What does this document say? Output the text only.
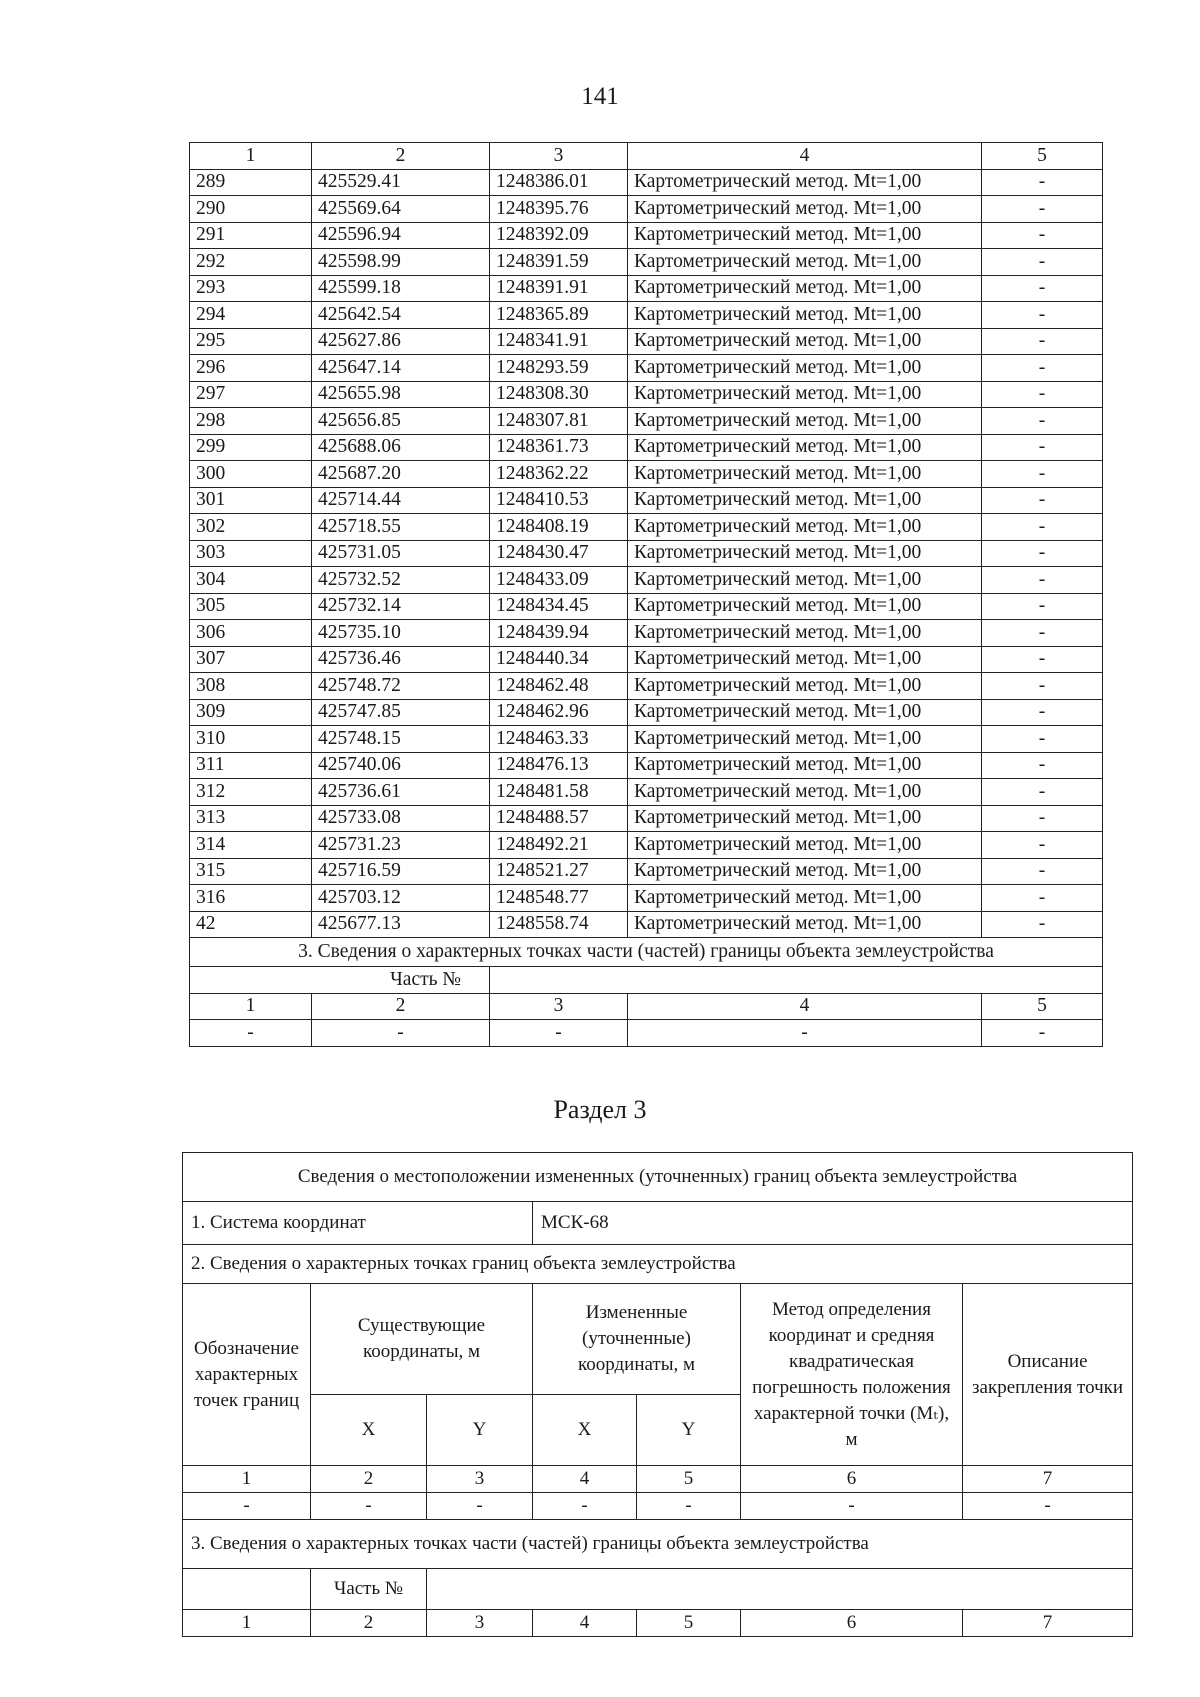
141
1	2	3	4	5
289	425529.41	1248386.01	Картометрический метод. Mt=1,00	-
290	425569.64	1248395.76	Картометрический метод. Mt=1,00	-
291	425596.94	1248392.09	Картометрический метод. Mt=1,00	-
292	425598.99	1248391.59	Картометрический метод. Mt=1,00	-
293	425599.18	1248391.91	Картометрический метод. Mt=1,00	-
294	425642.54	1248365.89	Картометрический метод. Mt=1,00	-
295	425627.86	1248341.91	Картометрический метод. Mt=1,00	-
296	425647.14	1248293.59	Картометрический метод. Mt=1,00	-
297	425655.98	1248308.30	Картометрический метод. Mt=1,00	-
298	425656.85	1248307.81	Картометрический метод. Mt=1,00	-
299	425688.06	1248361.73	Картометрический метод. Mt=1,00	-
300	425687.20	1248362.22	Картометрический метод. Mt=1,00	-
301	425714.44	1248410.53	Картометрический метод. Mt=1,00	-
302	425718.55	1248408.19	Картометрический метод. Mt=1,00	-
303	425731.05	1248430.47	Картометрический метод. Mt=1,00	-
304	425732.52	1248433.09	Картометрический метод. Mt=1,00	-
305	425732.14	1248434.45	Картометрический метод. Mt=1,00	-
306	425735.10	1248439.94	Картометрический метод. Mt=1,00	-
307	425736.46	1248440.34	Картометрический метод. Mt=1,00	-
308	425748.72	1248462.48	Картометрический метод. Mt=1,00	-
309	425747.85	1248462.96	Картометрический метод. Mt=1,00	-
310	425748.15	1248463.33	Картометрический метод. Mt=1,00	-
311	425740.06	1248476.13	Картометрический метод. Mt=1,00	-
312	425736.61	1248481.58	Картометрический метод. Mt=1,00	-
313	425733.08	1248488.57	Картометрический метод. Mt=1,00	-
314	425731.23	1248492.21	Картометрический метод. Mt=1,00	-
315	425716.59	1248521.27	Картометрический метод. Mt=1,00	-
316	425703.12	1248548.77	Картометрический метод. Mt=1,00	-
42	425677.13	1248558.74	Картометрический метод. Mt=1,00	-
3. Сведения о характерных точках части (частей) границы объекта землеустройства				
Часть №				
1	2	3	4	5
-	-	-	-	-
Раздел 3
Сведения о местоположении измененных (уточненных) границ объекта землеустройства						
1. Система координат			МСК-68			
2. Сведения о характерных точках границ объекта землеустройства						
Обозначение характерных точек границ	Существующие координаты, м		Измененные (уточненные) координаты, м		Метод определения координат и средняя квадратическая погрешность положения характерной точки (Mₜ), м	Описание закрепления точки
	X	Y	X	Y		
1	2	3	4	5	6	7
-	-	-	-	-	-	-
3. Сведения о характерных точках части (частей) границы объекта землеустройства						
	Часть №					
1	2	3	4	5	6	7
